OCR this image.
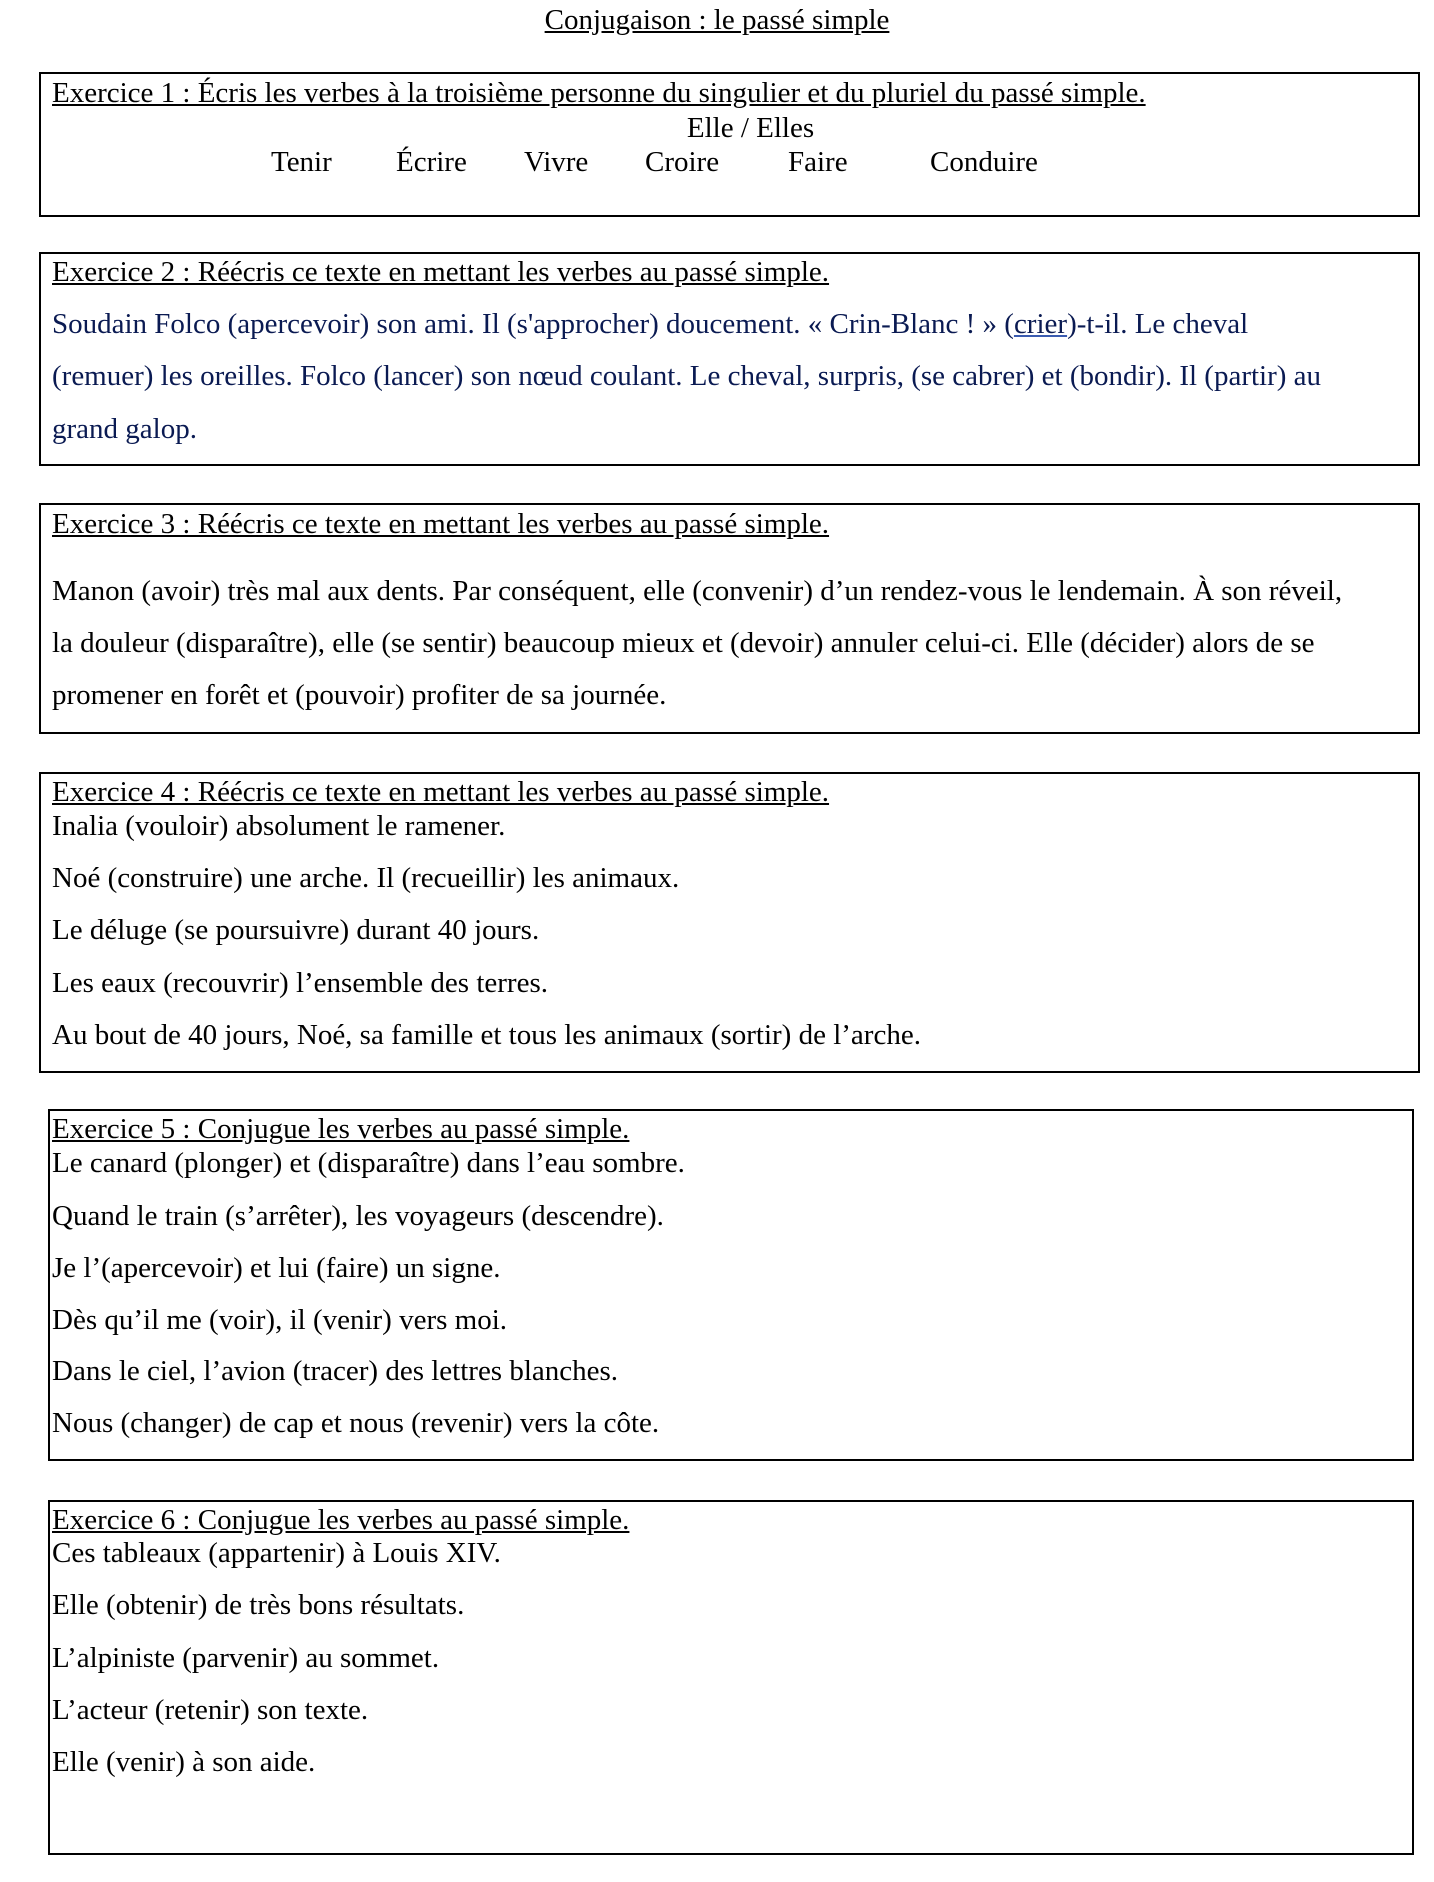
Conjugaison : le passé simple
Exercice 1 : Écris les verbes à la troisième personne du singulier et du pluriel du passé simple.
Elle / Elles
Tenir Écrire Vivre Croire Faire	Conduire
Exercice 2 : Réécris ce texte en mettant les verbes au passé simple.
Soudain Folco (apercevoir) son ami. Il (s'approcher) doucement. « Crin-Blanc ! » (crier)-t-il. Le cheval
(remuer) les oreilles. Folco (lancer) son nœud coulant. Le cheval, surpris, (se cabrer) et (bondir). Il (partir) au
grand galop.
Exercice 3 : Réécris ce texte en mettant les verbes au passé simple.
Manon (avoir) très mal aux dents. Par conséquent, elle (convenir) d’un rendez-vous le lendemain. À son réveil,
la douleur (disparaître), elle (se sentir) beaucoup mieux et (devoir) annuler celui-ci. Elle (décider) alors de se
promener en forêt et (pouvoir) profiter de sa journée.
Exercice 4 : Réécris ce texte en mettant les verbes au passé simple.
Inalia (vouloir) absolument le ramener.
Noé (construire) une arche. Il (recueillir) les animaux.
Le déluge (se poursuivre) durant 40 jours.
Les eaux (recouvrir) l’ensemble des terres.
Au bout de 40 jours, Noé, sa famille et tous les animaux (sortir) de l’arche.
Exercice 5 : Conjugue les verbes au passé simple.
Le canard (plonger) et (disparaître) dans l’eau sombre.
Quand le train (s’arrêter), les voyageurs (descendre).
Je l’(apercevoir) et lui (faire) un signe.
Dès qu’il me (voir), il (venir) vers moi.
Dans le ciel, l’avion (tracer) des lettres blanches.
Nous (changer) de cap et nous (revenir) vers la côte.
Exercice 6 : Conjugue les verbes au passé simple.
Ces tableaux (appartenir) à Louis XIV.
Elle (obtenir) de très bons résultats.
L’alpiniste (parvenir) au sommet.
L’acteur (retenir) son texte.
Elle (venir) à son aide.
